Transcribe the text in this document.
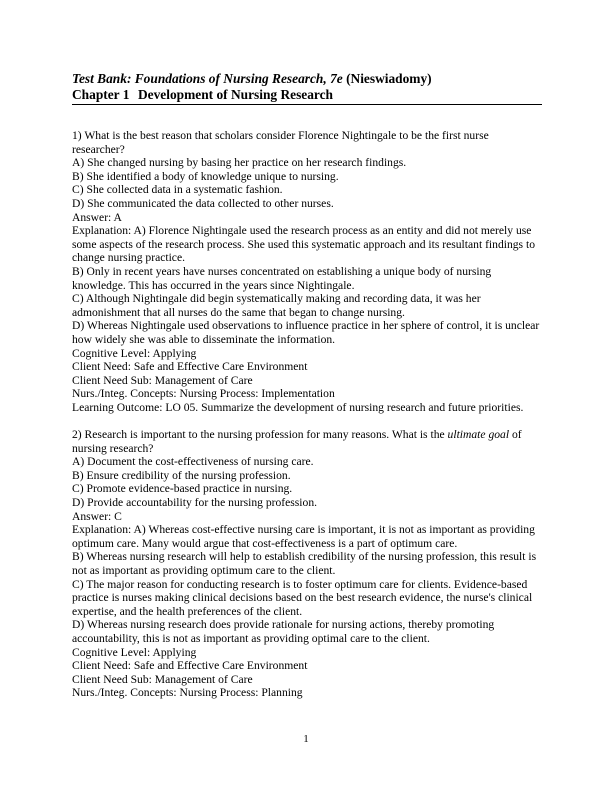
Test Bank: Foundations of Nursing Research, 7e (Nieswiadomy)
Chapter 1 Development of Nursing Research
1) What is the best reason that scholars consider Florence Nightingale to be the first nurse researcher?
A) She changed nursing by basing her practice on her research findings.
B) She identified a body of knowledge unique to nursing.
C) She collected data in a systematic fashion.
D) She communicated the data collected to other nurses.
Answer: A
Explanation: A) Florence Nightingale used the research process as an entity and did not merely use some aspects of the research process. She used this systematic approach and its resultant findings to change nursing practice.
B) Only in recent years have nurses concentrated on establishing a unique body of nursing knowledge. This has occurred in the years since Nightingale.
C) Although Nightingale did begin systematically making and recording data, it was her admonishment that all nurses do the same that began to change nursing.
D) Whereas Nightingale used observations to influence practice in her sphere of control, it is unclear how widely she was able to disseminate the information.
Cognitive Level: Applying
Client Need: Safe and Effective Care Environment
Client Need Sub: Management of Care
Nurs./Integ. Concepts: Nursing Process: Implementation
Learning Outcome: LO 05. Summarize the development of nursing research and future priorities.
2) Research is important to the nursing profession for many reasons. What is the ultimate goal of nursing research?
A) Document the cost-effectiveness of nursing care.
B) Ensure credibility of the nursing profession.
C) Promote evidence-based practice in nursing.
D) Provide accountability for the nursing profession.
Answer: C
Explanation: A) Whereas cost-effective nursing care is important, it is not as important as providing optimum care. Many would argue that cost-effectiveness is a part of optimum care.
B) Whereas nursing research will help to establish credibility of the nursing profession, this result is not as important as providing optimum care to the client.
C) The major reason for conducting research is to foster optimum care for clients. Evidence-based practice is nurses making clinical decisions based on the best research evidence, the nurse's clinical expertise, and the health preferences of the client.
D) Whereas nursing research does provide rationale for nursing actions, thereby promoting accountability, this is not as important as providing optimal care to the client.
Cognitive Level: Applying
Client Need: Safe and Effective Care Environment
Client Need Sub: Management of Care
Nurs./Integ. Concepts: Nursing Process: Planning
1
